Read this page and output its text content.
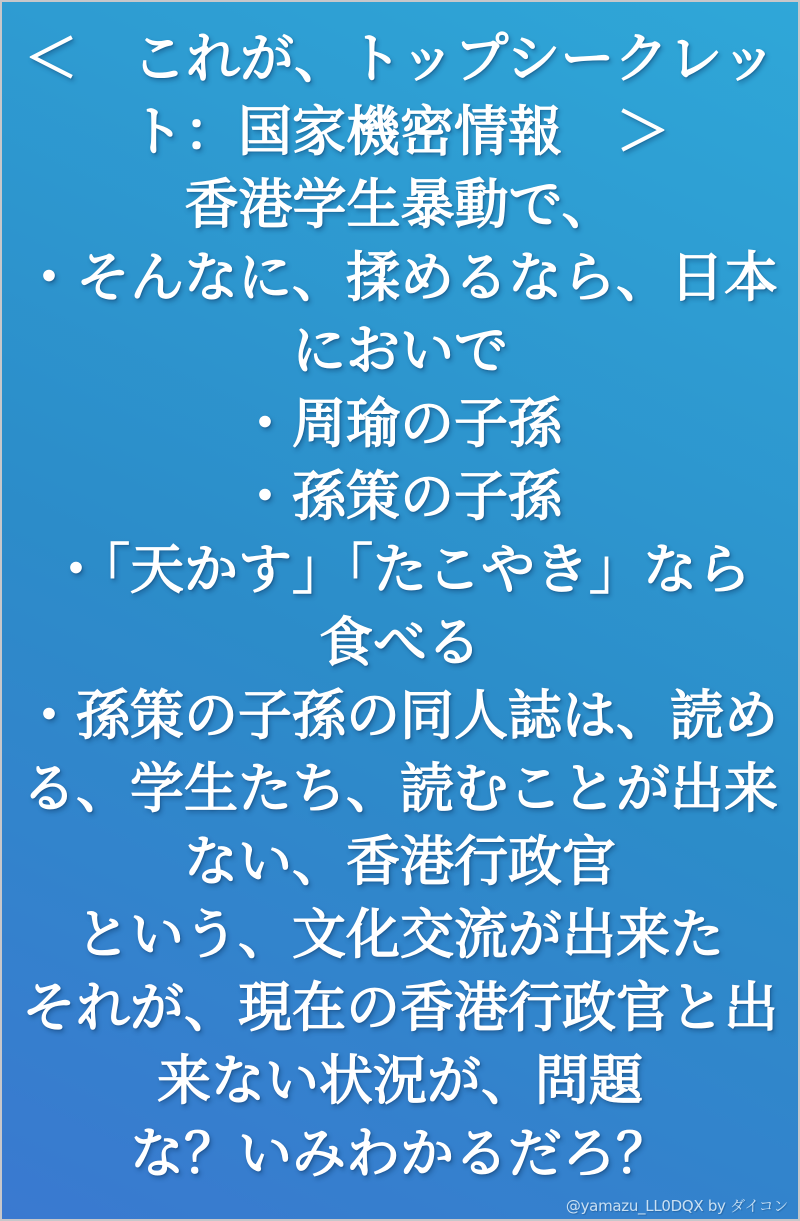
＜　これが、トップシークレッ
ト：国家機密情報　＞
香港学生暴動で、
・そんなに、揉めるなら、日本
においで
・周瑜の子孫
・孫策の子孫
・「天かす」「たこやき」なら
食べる
・孫策の子孫の同人誌は、読め
る、学生たち、読むことが出来
ない、香港行政官
という、文化交流が出来た
それが、現在の香港行政官と出
来ない状況が、問題
な？いみわかるだろ？
@yamazu_LL0DQX by ダイコン
